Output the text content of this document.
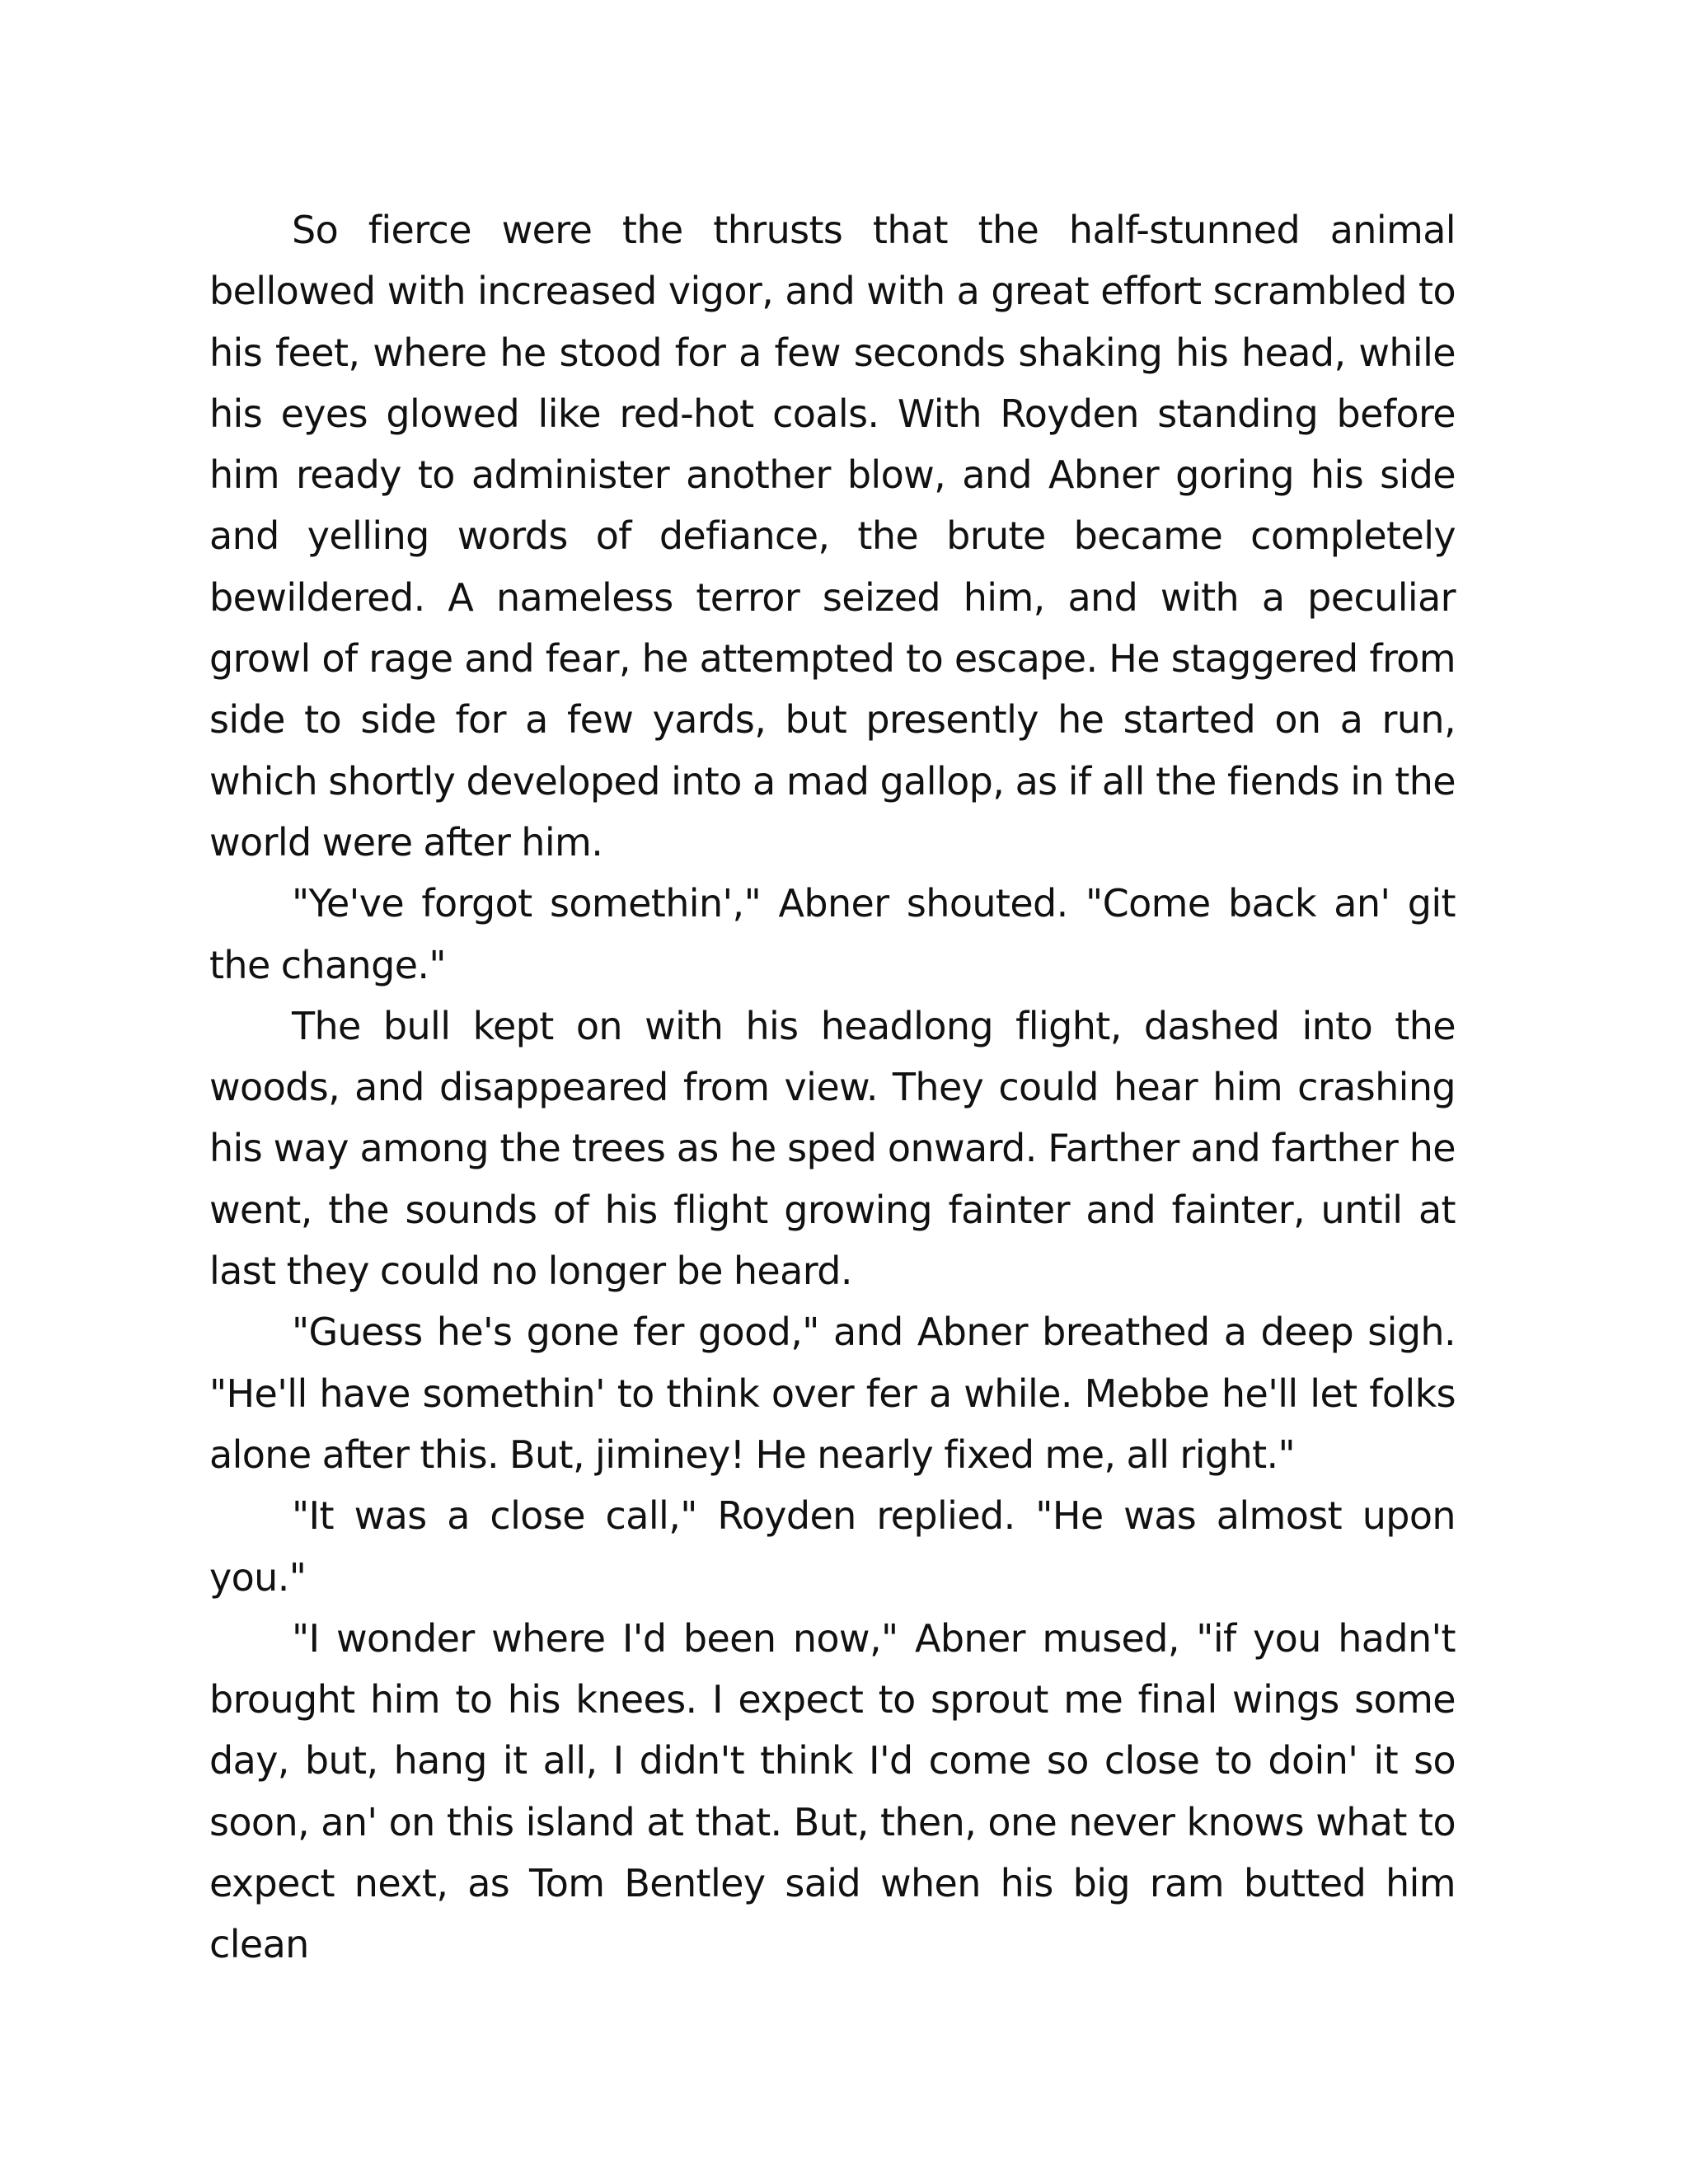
So fierce were the thrusts that the half-stunned animal bellowed with increased vigor, and with a great effort scrambled to his feet, where he stood for a few seconds shaking his head, while his eyes glowed like red-hot coals. With Royden standing before him ready to administer another blow, and Abner goring his side and yelling words of defiance, the brute became completely bewildered. A nameless terror seized him, and with a peculiar growl of rage and fear, he attempted to escape. He staggered from side to side for a few yards, but presently he started on a run, which shortly developed into a mad gallop, as if all the fiends in the world were after him.

"Ye've forgot somethin'," Abner shouted. "Come back an' git the change."

The bull kept on with his headlong flight, dashed into the woods, and disappeared from view. They could hear him crashing his way among the trees as he sped onward. Farther and farther he went, the sounds of his flight growing fainter and fainter, until at last they could no longer be heard.

"Guess he's gone fer good," and Abner breathed a deep sigh. "He'll have somethin' to think over fer a while. Mebbe he'll let folks alone after this. But, jiminey! He nearly fixed me, all right."

"It was a close call," Royden replied. "He was almost upon you."

"I wonder where I'd been now," Abner mused, "if you hadn't brought him to his knees. I expect to sprout me final wings some day, but, hang it all, I didn't think I'd come so close to doin' it so soon, an' on this island at that. But, then, one never knows what to expect next, as Tom Bentley said when his big ram butted him clean
